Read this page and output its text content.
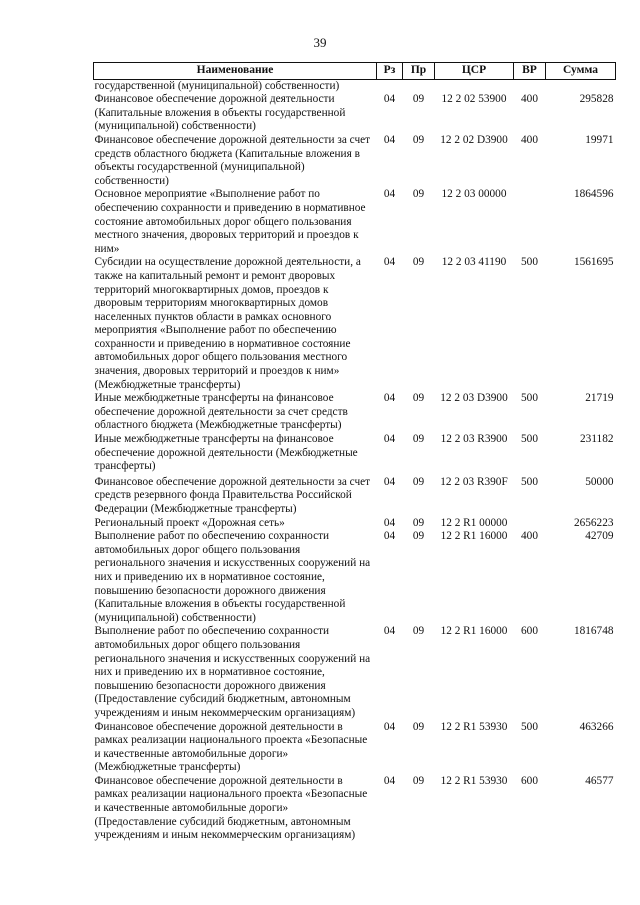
39
Наименование	Рз	Пр	ЦСР	ВР	Сумма
государственной (муниципальной) собственности)					
Финансовое обеспечение дорожной деятельности (Капитальные вложения в объекты государственной (муниципальной) собственности)	04	09	12 2 02 53900	400	295828
Финансовое обеспечение дорожной деятельности за счет средств областного бюджета (Капитальные вложения в объекты государственной (муниципальной) собственности)	04	09	12 2 02 D3900	400	19971
Основное мероприятие «Выполнение работ по обеспечению сохранности и приведению в нормативное состояние автомобильных дорог общего пользования местного значения, дворовых территорий и проездов к ним»	04	09	12 2 03 00000		1864596
Субсидии на осуществление дорожной деятельности, а также на капитальный ремонт и ремонт дворовых территорий многоквартирных домов, проездов к дворовым территориям многоквартирных домов населенных пунктов области в рамках основного мероприятия «Выполнение работ по обеспечению сохранности и приведению в нормативное состояние автомобильных дорог общего пользования местного значения, дворовых территорий и проездов к ним» (Межбюджетные трансферты)	04	09	12 2 03 41190	500	1561695
Иные межбюджетные трансферты на финансовое обеспечение дорожной деятельности за счет средств областного бюджета (Межбюджетные трансферты)	04	09	12 2 03 D3900	500	21719
Иные межбюджетные трансферты на финансовое обеспечение дорожной деятельности (Межбюджетные трансферты)	04	09	12 2 03 R3900	500	231182
Финансовое обеспечение дорожной деятельности за счет средств резервного фонда Правительства Российской Федерации (Межбюджетные трансферты)	04	09	12 2 03 R390F	500	50000
Региональный проект «Дорожная сеть»	04	09	12 2 R1 00000		2656223
Выполнение работ по обеспечению сохранности автомобильных дорог общего пользования регионального значения и искусственных сооружений на них и приведению их в нормативное состояние, повышению безопасности дорожного движения (Капитальные вложения в объекты государственной (муниципальной) собственности)	04	09	12 2 R1 16000	400	42709
Выполнение работ по обеспечению сохранности автомобильных дорог общего пользования регионального значения и искусственных сооружений на них и приведению их в нормативное состояние, повышению безопасности дорожного движения (Предоставление субсидий бюджетным, автономным учреждениям и иным некоммерческим организациям)	04	09	12 2 R1 16000	600	1816748
Финансовое обеспечение дорожной деятельности в рамках реализации национального проекта «Безопасные и качественные автомобильные дороги» (Межбюджетные трансферты)	04	09	12 2 R1 53930	500	463266
Финансовое обеспечение дорожной деятельности в рамках реализации национального проекта «Безопасные и качественные автомобильные дороги» (Предоставление субсидий бюджетным, автономным учреждениям и иным некоммерческим организациям)	04	09	12 2 R1 53930	600	46577
